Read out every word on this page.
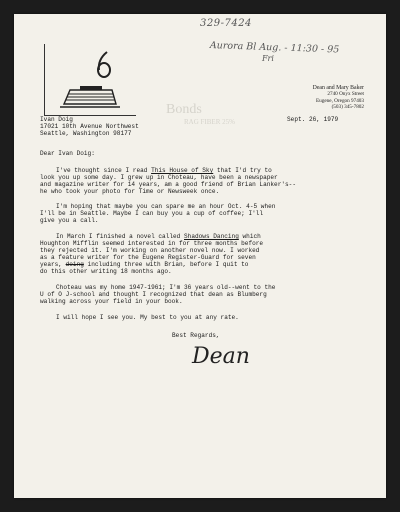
329-7424
Aurora Bl Aug. - 11:30 - 95
Fri
Dean and Mary Baker
2740 Onyx Street
Eugene, Oregon 97403
(503) 345-7802
Bonds
RAG FIBER 25%
Ivan Doig
17021 10th Avenue Northwest
Seattle, Washington 98177
Sept. 26, 1979
Dear Ivan Doig:
I've thought since I read This House of Sky that I'd try to
look you up some day. I grew up in Choteau, have been a newspaper
and magazine writer for 14 years, am a good friend of Brian Lanker's--
he who took your photo for Time or Newsweek once.
I'm hoping that maybe you can spare me an hour Oct. 4-5 when
I'll be in Seattle. Maybe I can buy you a cup of coffee; I'll
give you a call.
In March I finished a novel called Shadows Dancing which
Houghton Mifflin seemed interested in for three months before
they rejected it. I'm working on another novel now. I worked
as a feature writer for the Eugene Register-Guard for seven
years, doing including three with Brian, before I quit to
do this other writing 18 months ago.
Choteau was my home 1947-1961; I'm 36 years old--went to the
U of O J-school and thought I recognized that dean as Blumberg
walking across your field in your book.
I will hope I see you. My best to you at any rate.
Best Regards,
Dean
